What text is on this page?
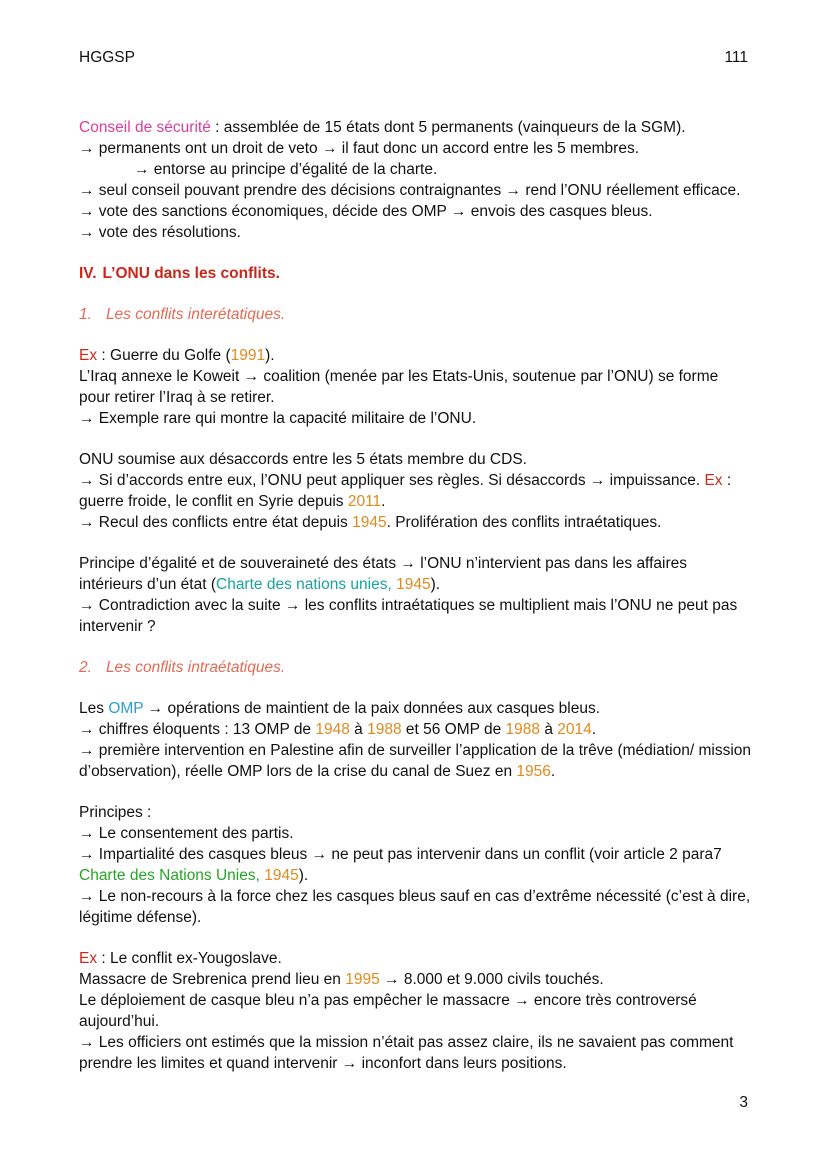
HGGSP	111

Conseil de sécurité : assemblée de 15 états dont 5 permanents (vainqueurs de la SGM).

→ permanents ont un droit de veto → il faut donc un accord entre les 5 membres.

→ entorse au principe d’égalité de la charte.

→ seul conseil pouvant prendre des décisions contraignantes → rend l’ONU réellement efficace.

→ vote des sanctions économiques, décide des OMP → envois des casques bleus.

→ vote des résolutions.

IV. L’ONU dans les conflits.

1. Les conflits interétatiques.

Ex : Guerre du Golfe (1991).

L’Iraq annexe le Koweit → coalition (menée par les Etats-Unis, soutenue par l’ONU) se forme pour retirer l’Iraq à se retirer.

→ Exemple rare qui montre la capacité militaire de l’ONU.

ONU soumise aux désaccords entre les 5 états membre du CDS.

→ Si d’accords entre eux, l’ONU peut appliquer ses règles. Si désaccords → impuissance. Ex : guerre froide, le conflit en Syrie depuis 2011.

→ Recul des conflicts entre état depuis 1945. Prolifération des conflits intraétatiques.

Principe d’égalité et de souveraineté des états → l’ONU n’intervient pas dans les affaires intérieurs d’un état (Charte des nations unies, 1945).

→ Contradiction avec la suite → les conflits intraétatiques se multiplient mais l’ONU ne peut pas intervenir ?

2. Les conflits intraétatiques.

Les OMP → opérations de maintient de la paix données aux casques bleus.

→ chiffres éloquents : 13 OMP de 1948 à 1988 et 56 OMP de 1988 à 2014.

→ première intervention en Palestine afin de surveiller l’application de la trêve (médiation/ mission d’observation), réelle OMP lors de la crise du canal de Suez en 1956.

Principes :

→ Le consentement des partis.

→ Impartialité des casques bleus → ne peut pas intervenir dans un conflit (voir article 2 para7 Charte des Nations Unies, 1945).

→ Le non-recours à la force chez les casques bleus sauf en cas d’extrême nécessité (c’est à dire, légitime défense).

Ex : Le conflit ex-Yougoslave.

Massacre de Srebrenica prend lieu en 1995 → 8.000 et 9.000 civils touchés.

Le déploiement de casque bleu n’a pas empêcher le massacre → encore très controversé aujourd’hui.

→ Les officiers ont estimés que la mission n’était pas assez claire, ils ne savaient pas comment prendre les limites et quand intervenir → inconfort dans leurs positions.

3
